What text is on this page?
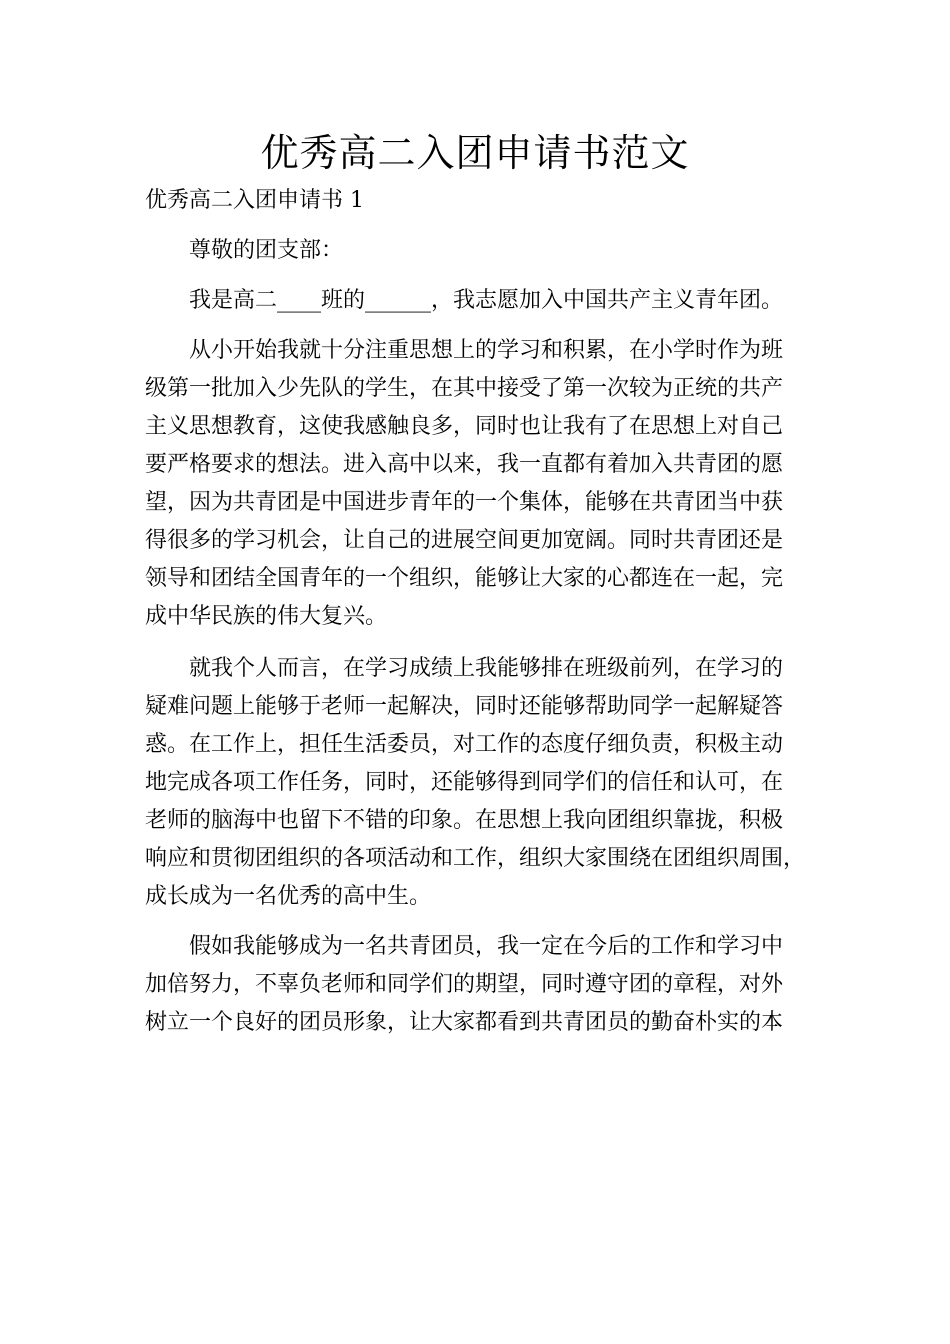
优秀高二入团申请书范文

优秀高二入团申请书 1

尊敬的团支部：

我是高二____班的______，我志愿加入中国共产主义青年团。

从小开始我就十分注重思想上的学习和积累，在小学时作为班

级第一批加入少先队的学生，在其中接受了第一次较为正统的共产

主义思想教育，这使我感触良多，同时也让我有了在思想上对自己

要严格要求的想法。进入高中以来，我一直都有着加入共青团的愿

望，因为共青团是中国进步青年的一个集体，能够在共青团当中获

得很多的学习机会，让自己的进展空间更加宽阔。同时共青团还是

领导和团结全国青年的一个组织，能够让大家的心都连在一起，完

成中华民族的伟大复兴。

就我个人而言，在学习成绩上我能够排在班级前列，在学习的

疑难问题上能够于老师一起解决，同时还能够帮助同学一起解疑答

惑。在工作上，担任生活委员，对工作的态度仔细负责，积极主动

地完成各项工作任务，同时，还能够得到同学们的信任和认可，在

老师的脑海中也留下不错的印象。在思想上我向团组织靠拢，积极

响应和贯彻团组织的各项活动和工作，组织大家围绕在团组织周围，

成长成为一名优秀的高中生。

假如我能够成为一名共青团员，我一定在今后的工作和学习中

加倍努力，不辜负老师和同学们的期望，同时遵守团的章程，对外

树立一个良好的团员形象，让大家都看到共青团员的勤奋朴实的本
